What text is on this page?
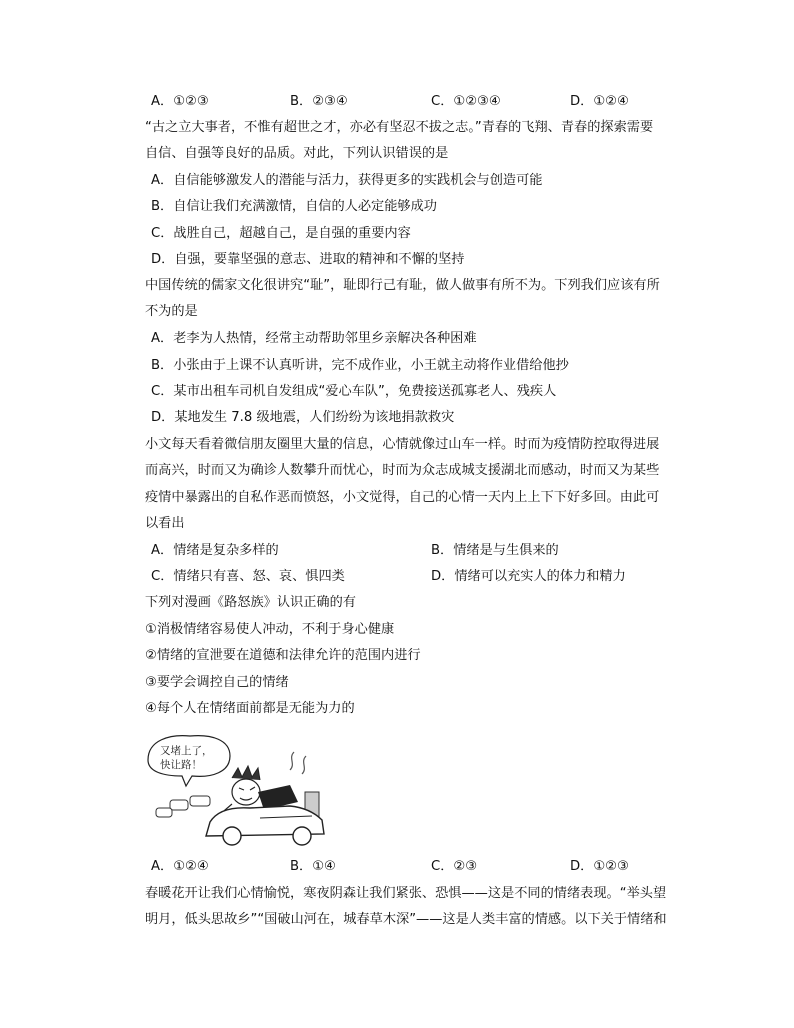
A．①②③	B．②③④	C．①②③④	D．①②④
“古之立大事者，不惟有超世之才，亦必有坚忍不拔之志。”青春的飞翔、青春的探索需要
自信、自强等良好的品质。对此，下列认识错误的是
A．自信能够激发人的潜能与活力，获得更多的实践机会与创造可能
B．自信让我们充满激情，自信的人必定能够成功
C．战胜自己，超越自己，是自强的重要内容
D．自强，要靠坚强的意志、进取的精神和不懈的坚持
中国传统的儒家文化很讲究“耻”，耻即行己有耻，做人做事有所不为。下列我们应该有所
不为的是
A．老李为人热情，经常主动帮助邻里乡亲解决各种困难
B．小张由于上课不认真听讲，完不成作业，小王就主动将作业借给他抄
C．某市出租车司机自发组成“爱心车队”，免费接送孤寡老人、残疾人
D．某地发生 7.8 级地震，人们纷纷为该地捐款救灾
小文每天看着微信朋友圈里大量的信息，心情就像过山车一样。时而为疫情防控取得进展
而高兴，时而又为确诊人数攀升而忧心，时而为众志成城支援湖北而感动，时而又为某些
疫情中暴露出的自私作恶而愤怒，小文觉得，自己的心情一天内上上下下好多回。由此可
以看出
A．情绪是复杂多样的	B．情绪是与生俱来的
C．情绪只有喜、怒、哀、惧四类	D．情绪可以充实人的体力和精力
下列对漫画《路怒族》认识正确的有
①消极情绪容易使人冲动，不利于身心健康
②情绪的宣泄要在道德和法律允许的范围内进行
③要学会调控自己的情绪
④每个人在情绪面前都是无能为力的
又堵上了，
快让路！
A．①②④	B．①④	C．②③	D．①②③
春暖花开让我们心情愉悦，寒夜阴森让我们紧张、恐惧——这是不同的情绪表现。“举头望
明月，低头思故乡”“国破山河在，城春草木深”——这是人类丰富的情感。以下关于情绪和
